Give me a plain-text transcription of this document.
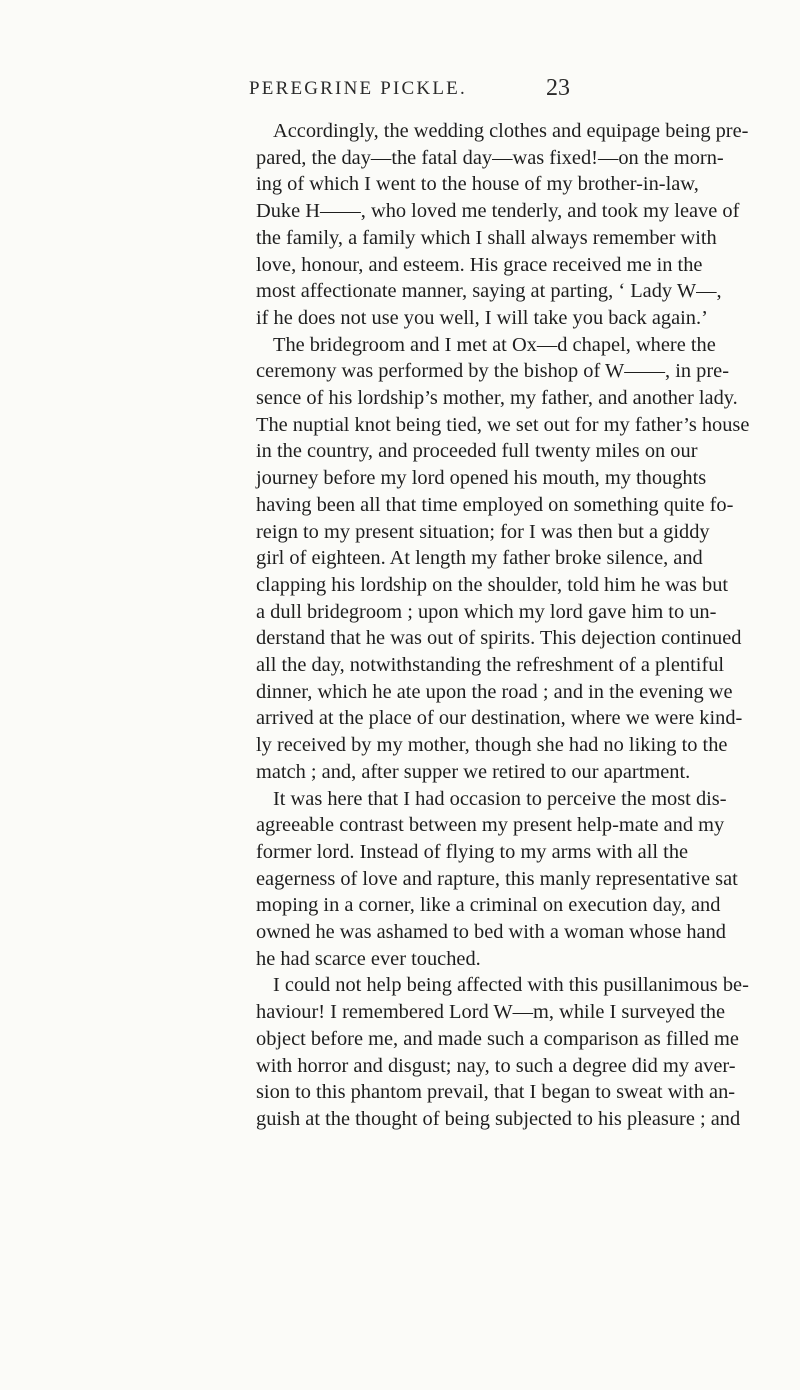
PEREGRINE PICKLE.	23
Accordingly, the wedding clothes and equipage being pre-
pared, the day—the fatal day—was fixed!—on the morn-
ing of which I went to the house of my brother-in-law,
Duke H——, who loved me tenderly, and took my leave of
the family, a family which I shall always remember with
love, honour, and esteem. His grace received me in the
most affectionate manner, saying at parting, ‘ Lady W—,
if he does not use you well, I will take you back again.’
The bridegroom and I met at Ox—d chapel, where the
ceremony was performed by the bishop of W——, in pre-
sence of his lordship’s mother, my father, and another lady.
The nuptial knot being tied, we set out for my father’s house
in the country, and proceeded full twenty miles on our
journey before my lord opened his mouth, my thoughts
having been all that time employed on something quite fo-
reign to my present situation; for I was then but a giddy
girl of eighteen. At length my father broke silence, and
clapping his lordship on the shoulder, told him he was but
a dull bridegroom ; upon which my lord gave him to un-
derstand that he was out of spirits. This dejection continued
all the day, notwithstanding the refreshment of a plentiful
dinner, which he ate upon the road ; and in the evening we
arrived at the place of our destination, where we were kind-
ly received by my mother, though she had no liking to the
match ; and, after supper we retired to our apartment.
It was here that I had occasion to perceive the most dis-
agreeable contrast between my present help-mate and my
former lord. Instead of flying to my arms with all the
eagerness of love and rapture, this manly representative sat
moping in a corner, like a criminal on execution day, and
owned he was ashamed to bed with a woman whose hand
he had scarce ever touched.
I could not help being affected with this pusillanimous be-
haviour! I remembered Lord W—m, while I surveyed the
object before me, and made such a comparison as filled me
with horror and disgust; nay, to such a degree did my aver-
sion to this phantom prevail, that I began to sweat with an-
guish at the thought of being subjected to his pleasure ; and
